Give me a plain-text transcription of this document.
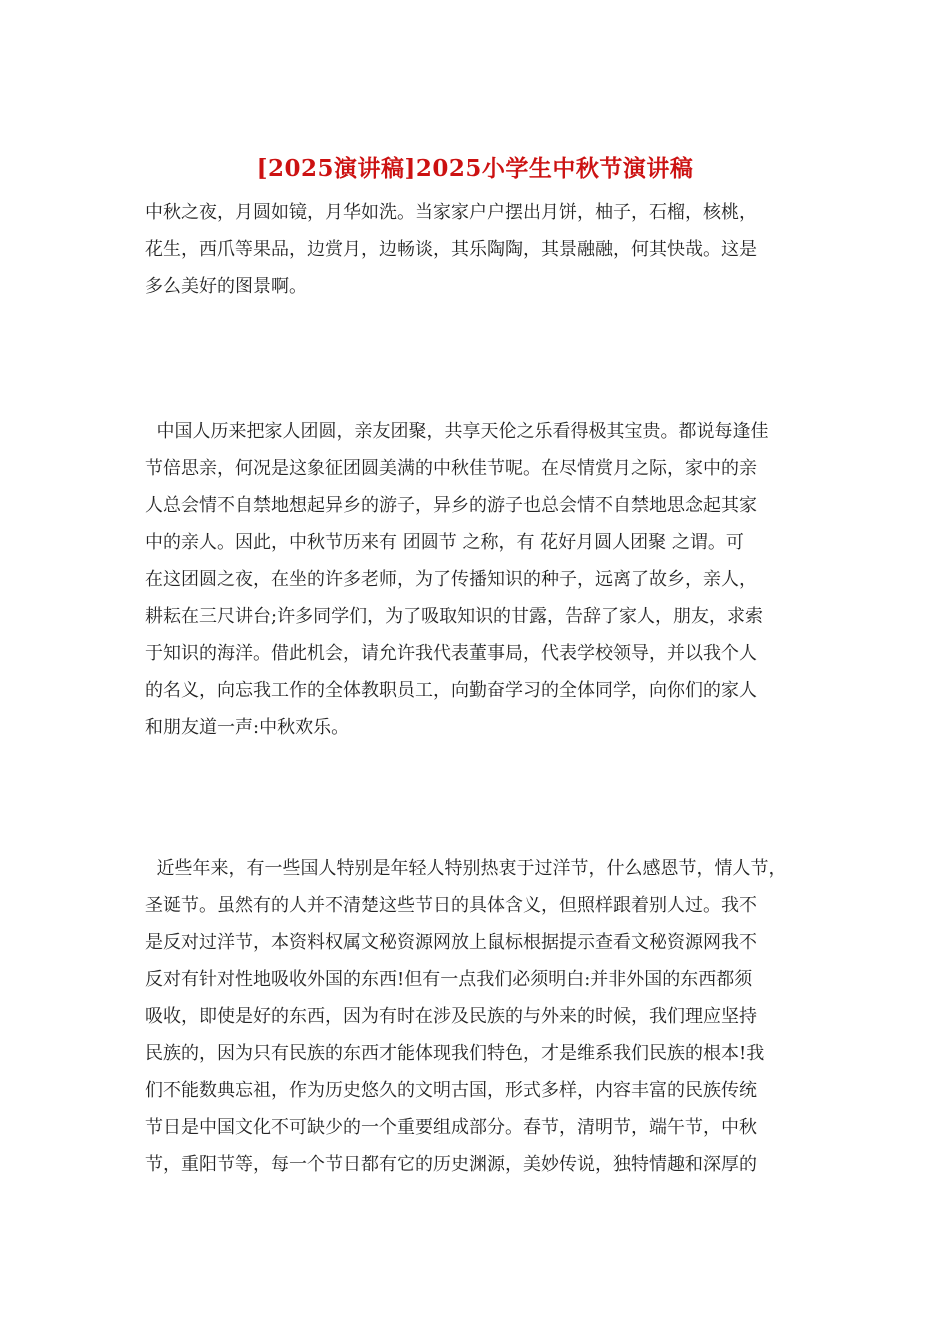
[2025演讲稿]2025小学生中秋节演讲稿
中秋之夜，月圆如镜，月华如洗。当家家户户摆出月饼，柚子，石榴，核桃，
花生，西爪等果品，边赏月，边畅谈，其乐陶陶，其景融融，何其快哉。这是
多么美好的图景啊。
中国人历来把家人团圆，亲友团聚，共享天伦之乐看得极其宝贵。都说每逢佳
节倍思亲，何况是这象征团圆美满的中秋佳节呢。在尽情赏月之际，家中的亲
人总会情不自禁地想起异乡的游子，异乡的游子也总会情不自禁地思念起其家
中的亲人。因此，中秋节历来有 团圆节 之称，有 花好月圆人团聚 之谓。可
在这团圆之夜，在坐的许多老师，为了传播知识的种子，远离了故乡，亲人，
耕耘在三尺讲台;许多同学们，为了吸取知识的甘露，告辞了家人，朋友，求索
于知识的海洋。借此机会，请允许我代表董事局，代表学校领导，并以我个人
的名义，向忘我工作的全体教职员工，向勤奋学习的全体同学，向你们的家人
和朋友道一声:中秋欢乐。
近些年来，有一些国人特别是年轻人特别热衷于过洋节，什么感恩节，情人节，
圣诞节。虽然有的人并不清楚这些节日的具体含义，但照样跟着别人过。我不
是反对过洋节，本资料权属文秘资源网放上鼠标根据提示查看文秘资源网我不
反对有针对性地吸收外国的东西!但有一点我们必须明白:并非外国的东西都须
吸收，即使是好的东西，因为有时在涉及民族的与外来的时候，我们理应坚持
民族的，因为只有民族的东西才能体现我们特色，才是维系我们民族的根本!我
们不能数典忘祖，作为历史悠久的文明古国，形式多样，内容丰富的民族传统
节日是中国文化不可缺少的一个重要组成部分。春节，清明节，端午节，中秋
节，重阳节等，每一个节日都有它的历史渊源，美妙传说，独特情趣和深厚的
